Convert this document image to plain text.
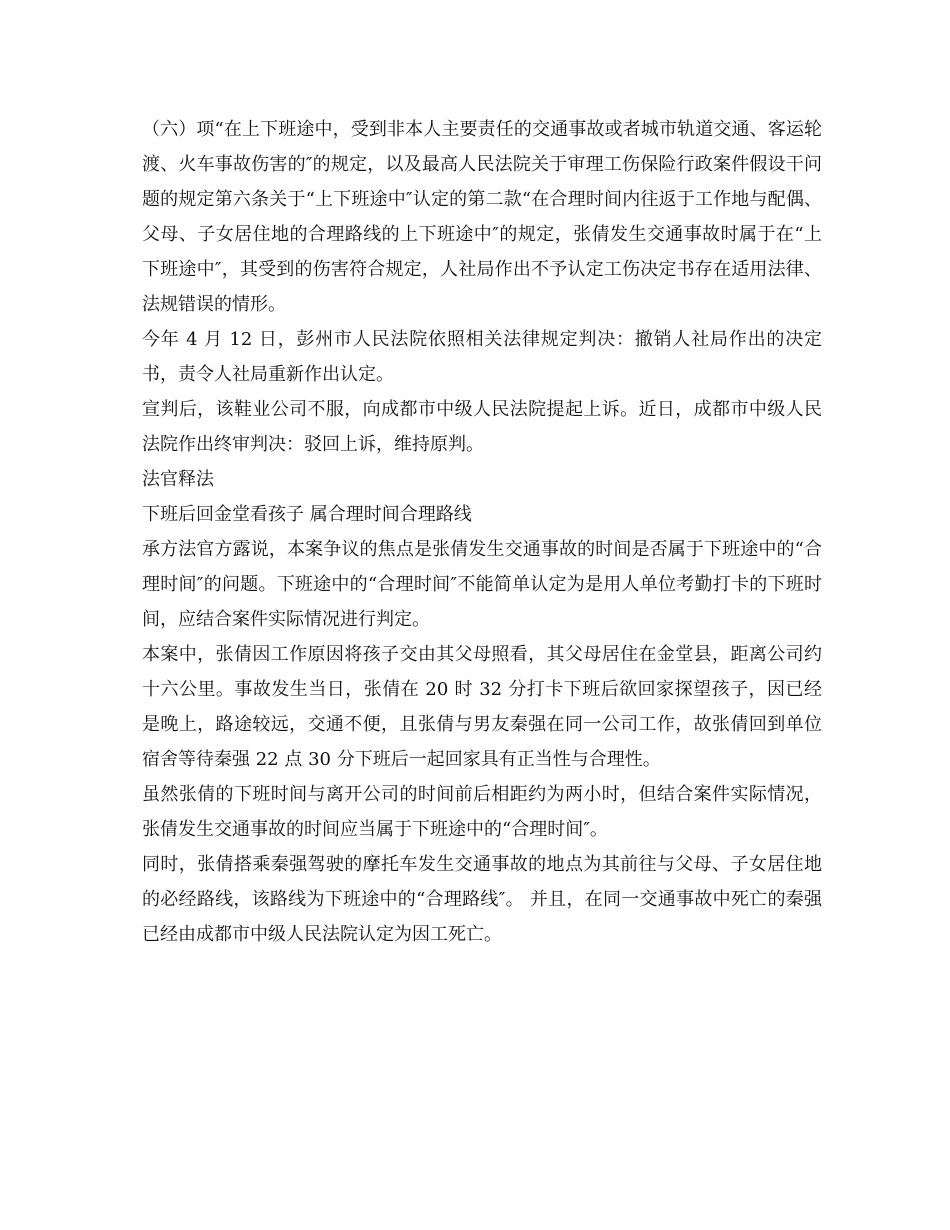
（六）项“在上下班途中，受到非本人主要责任的交通事故或者城市轨道交通、客运轮渡、火车事故伤害的″的规定，以及最高人民法院关于审理工伤保险行政案件假设干问题的规定第六条关于“上下班途中″认定的第二款“在合理时间内往返于工作地与配偶、父母、子女居住地的合理路线的上下班途中″的规定，张倩发生交通事故时属于在“上下班途中″，其受到的伤害符合规定，人社局作出不予认定工伤决定书存在适用法律、法规错误的情形。

今年 4 月 12 日，彭州市人民法院依照相关法律规定判决：撤销人社局作出的决定书，责令人社局重新作出认定。

宣判后，该鞋业公司不服，向成都市中级人民法院提起上诉。近日，成都市中级人民法院作出终审判决：驳回上诉，维持原判。

法官释法

下班后回金堂看孩子 属合理时间合理路线

承方法官方露说，本案争议的焦点是张倩发生交通事故的时间是否属于下班途中的“合理时间″的问题。下班途中的“合理时间″不能简单认定为是用人单位考勤打卡的下班时间，应结合案件实际情况进行判定。

本案中，张倩因工作原因将孩子交由其父母照看，其父母居住在金堂县，距离公司约十六公里。事故发生当日，张倩在 20 时 32 分打卡下班后欲回家探望孩子，因已经是晚上，路途较远，交通不便，且张倩与男友秦强在同一公司工作，故张倩回到单位宿舍等待秦强 22 点 30 分下班后一起回家具有正当性与合理性。

虽然张倩的下班时间与离开公司的时间前后相距约为两小时，但结合案件实际情况，张倩发生交通事故的时间应当属于下班途中的“合理时间″。

同时，张倩搭乘秦强驾驶的摩托车发生交通事故的地点为其前往与父母、子女居住地的必经路线，该路线为下班途中的“合理路线″。 并且，在同一交通事故中死亡的秦强已经由成都市中级人民法院认定为因工死亡。
